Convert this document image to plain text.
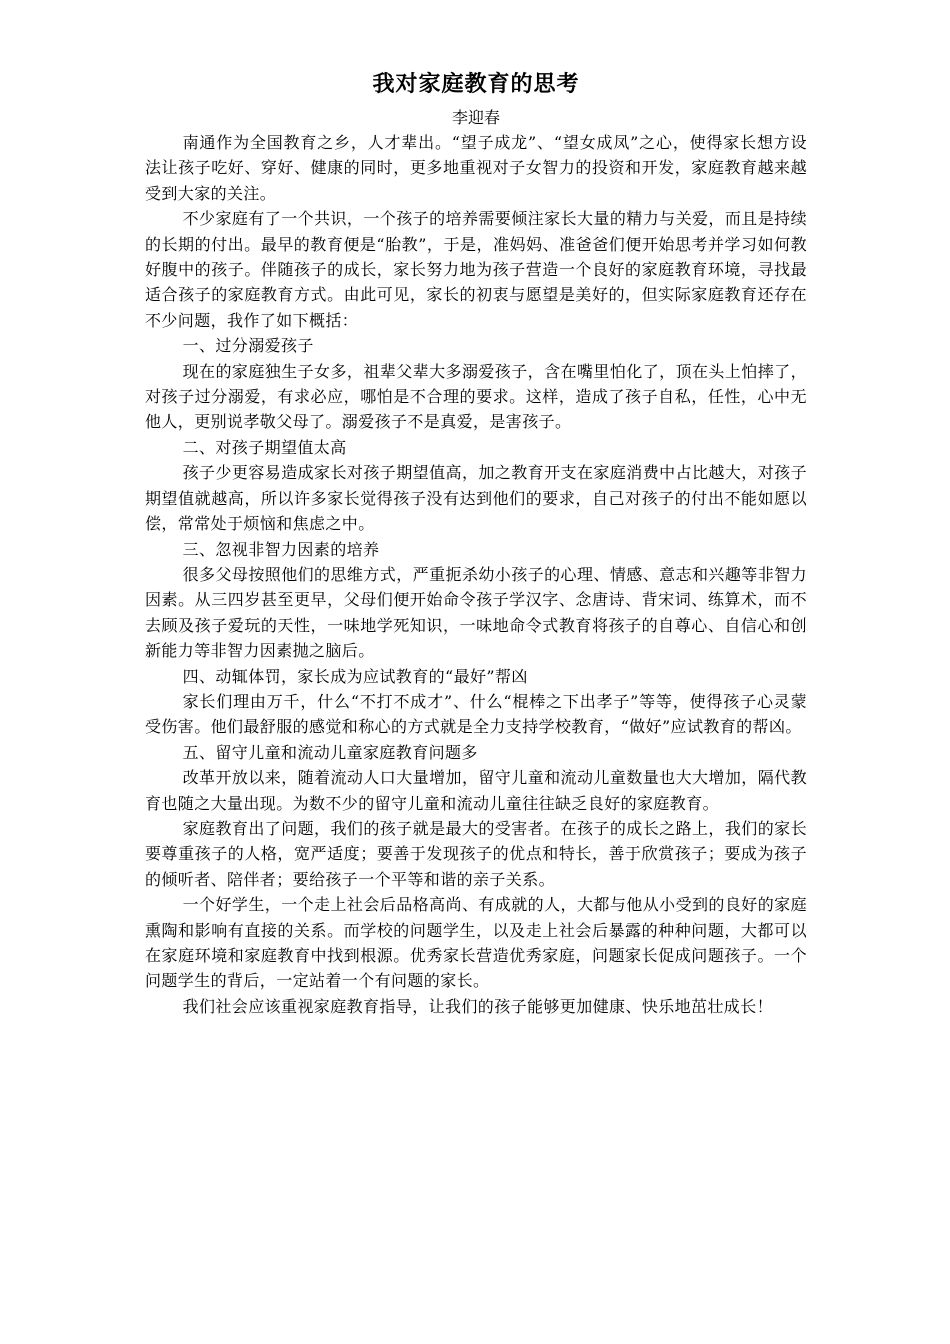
我对家庭教育的思考

李迎春

南通作为全国教育之乡，人才辈出。“望子成龙”、“望女成凤”之心，使得家长想方设法让孩子吃好、穿好、健康的同时，更多地重视对子女智力的投资和开发，家庭教育越来越受到大家的关注。

不少家庭有了一个共识，一个孩子的培养需要倾注家长大量的精力与关爱，而且是持续的长期的付出。最早的教育便是“胎教”，于是，准妈妈、准爸爸们便开始思考并学习如何教好腹中的孩子。伴随孩子的成长，家长努力地为孩子营造一个良好的家庭教育环境，寻找最适合孩子的家庭教育方式。由此可见，家长的初衷与愿望是美好的，但实际家庭教育还存在不少问题，我作了如下概括：

一、过分溺爱孩子

现在的家庭独生子女多，祖辈父辈大多溺爱孩子，含在嘴里怕化了，顶在头上怕摔了，对孩子过分溺爱，有求必应，哪怕是不合理的要求。这样，造成了孩子自私，任性，心中无他人，更别说孝敬父母了。溺爱孩子不是真爱，是害孩子。

二、对孩子期望值太高

孩子少更容易造成家长对孩子期望值高，加之教育开支在家庭消费中占比越大，对孩子期望值就越高，所以许多家长觉得孩子没有达到他们的要求，自己对孩子的付出不能如愿以偿，常常处于烦恼和焦虑之中。

三、忽视非智力因素的培养

很多父母按照他们的思维方式，严重扼杀幼小孩子的心理、情感、意志和兴趣等非智力因素。从三四岁甚至更早，父母们便开始命令孩子学汉字、念唐诗、背宋词、练算术，而不去顾及孩子爱玩的天性，一味地学死知识，一味地命令式教育将孩子的自尊心、自信心和创新能力等非智力因素抛之脑后。

四、动辄体罚，家长成为应试教育的“最好”帮凶

家长们理由万千，什么“不打不成才”、什么“棍棒之下出孝子”等等，使得孩子心灵蒙受伤害。他们最舒服的感觉和称心的方式就是全力支持学校教育，“做好”应试教育的帮凶。

五、留守儿童和流动儿童家庭教育问题多

改革开放以来，随着流动人口大量增加，留守儿童和流动儿童数量也大大增加，隔代教育也随之大量出现。为数不少的留守儿童和流动儿童往往缺乏良好的家庭教育。

家庭教育出了问题，我们的孩子就是最大的受害者。在孩子的成长之路上，我们的家长要尊重孩子的人格，宽严适度；要善于发现孩子的优点和特长，善于欣赏孩子；要成为孩子的倾听者、陪伴者；要给孩子一个平等和谐的亲子关系。

一个好学生，一个走上社会后品格高尚、有成就的人，大都与他从小受到的良好的家庭熏陶和影响有直接的关系。而学校的问题学生，以及走上社会后暴露的种种问题，大都可以在家庭环境和家庭教育中找到根源。优秀家长营造优秀家庭，问题家长促成问题孩子。一个问题学生的背后，一定站着一个有问题的家长。

我们社会应该重视家庭教育指导，让我们的孩子能够更加健康、快乐地茁壮成长！
